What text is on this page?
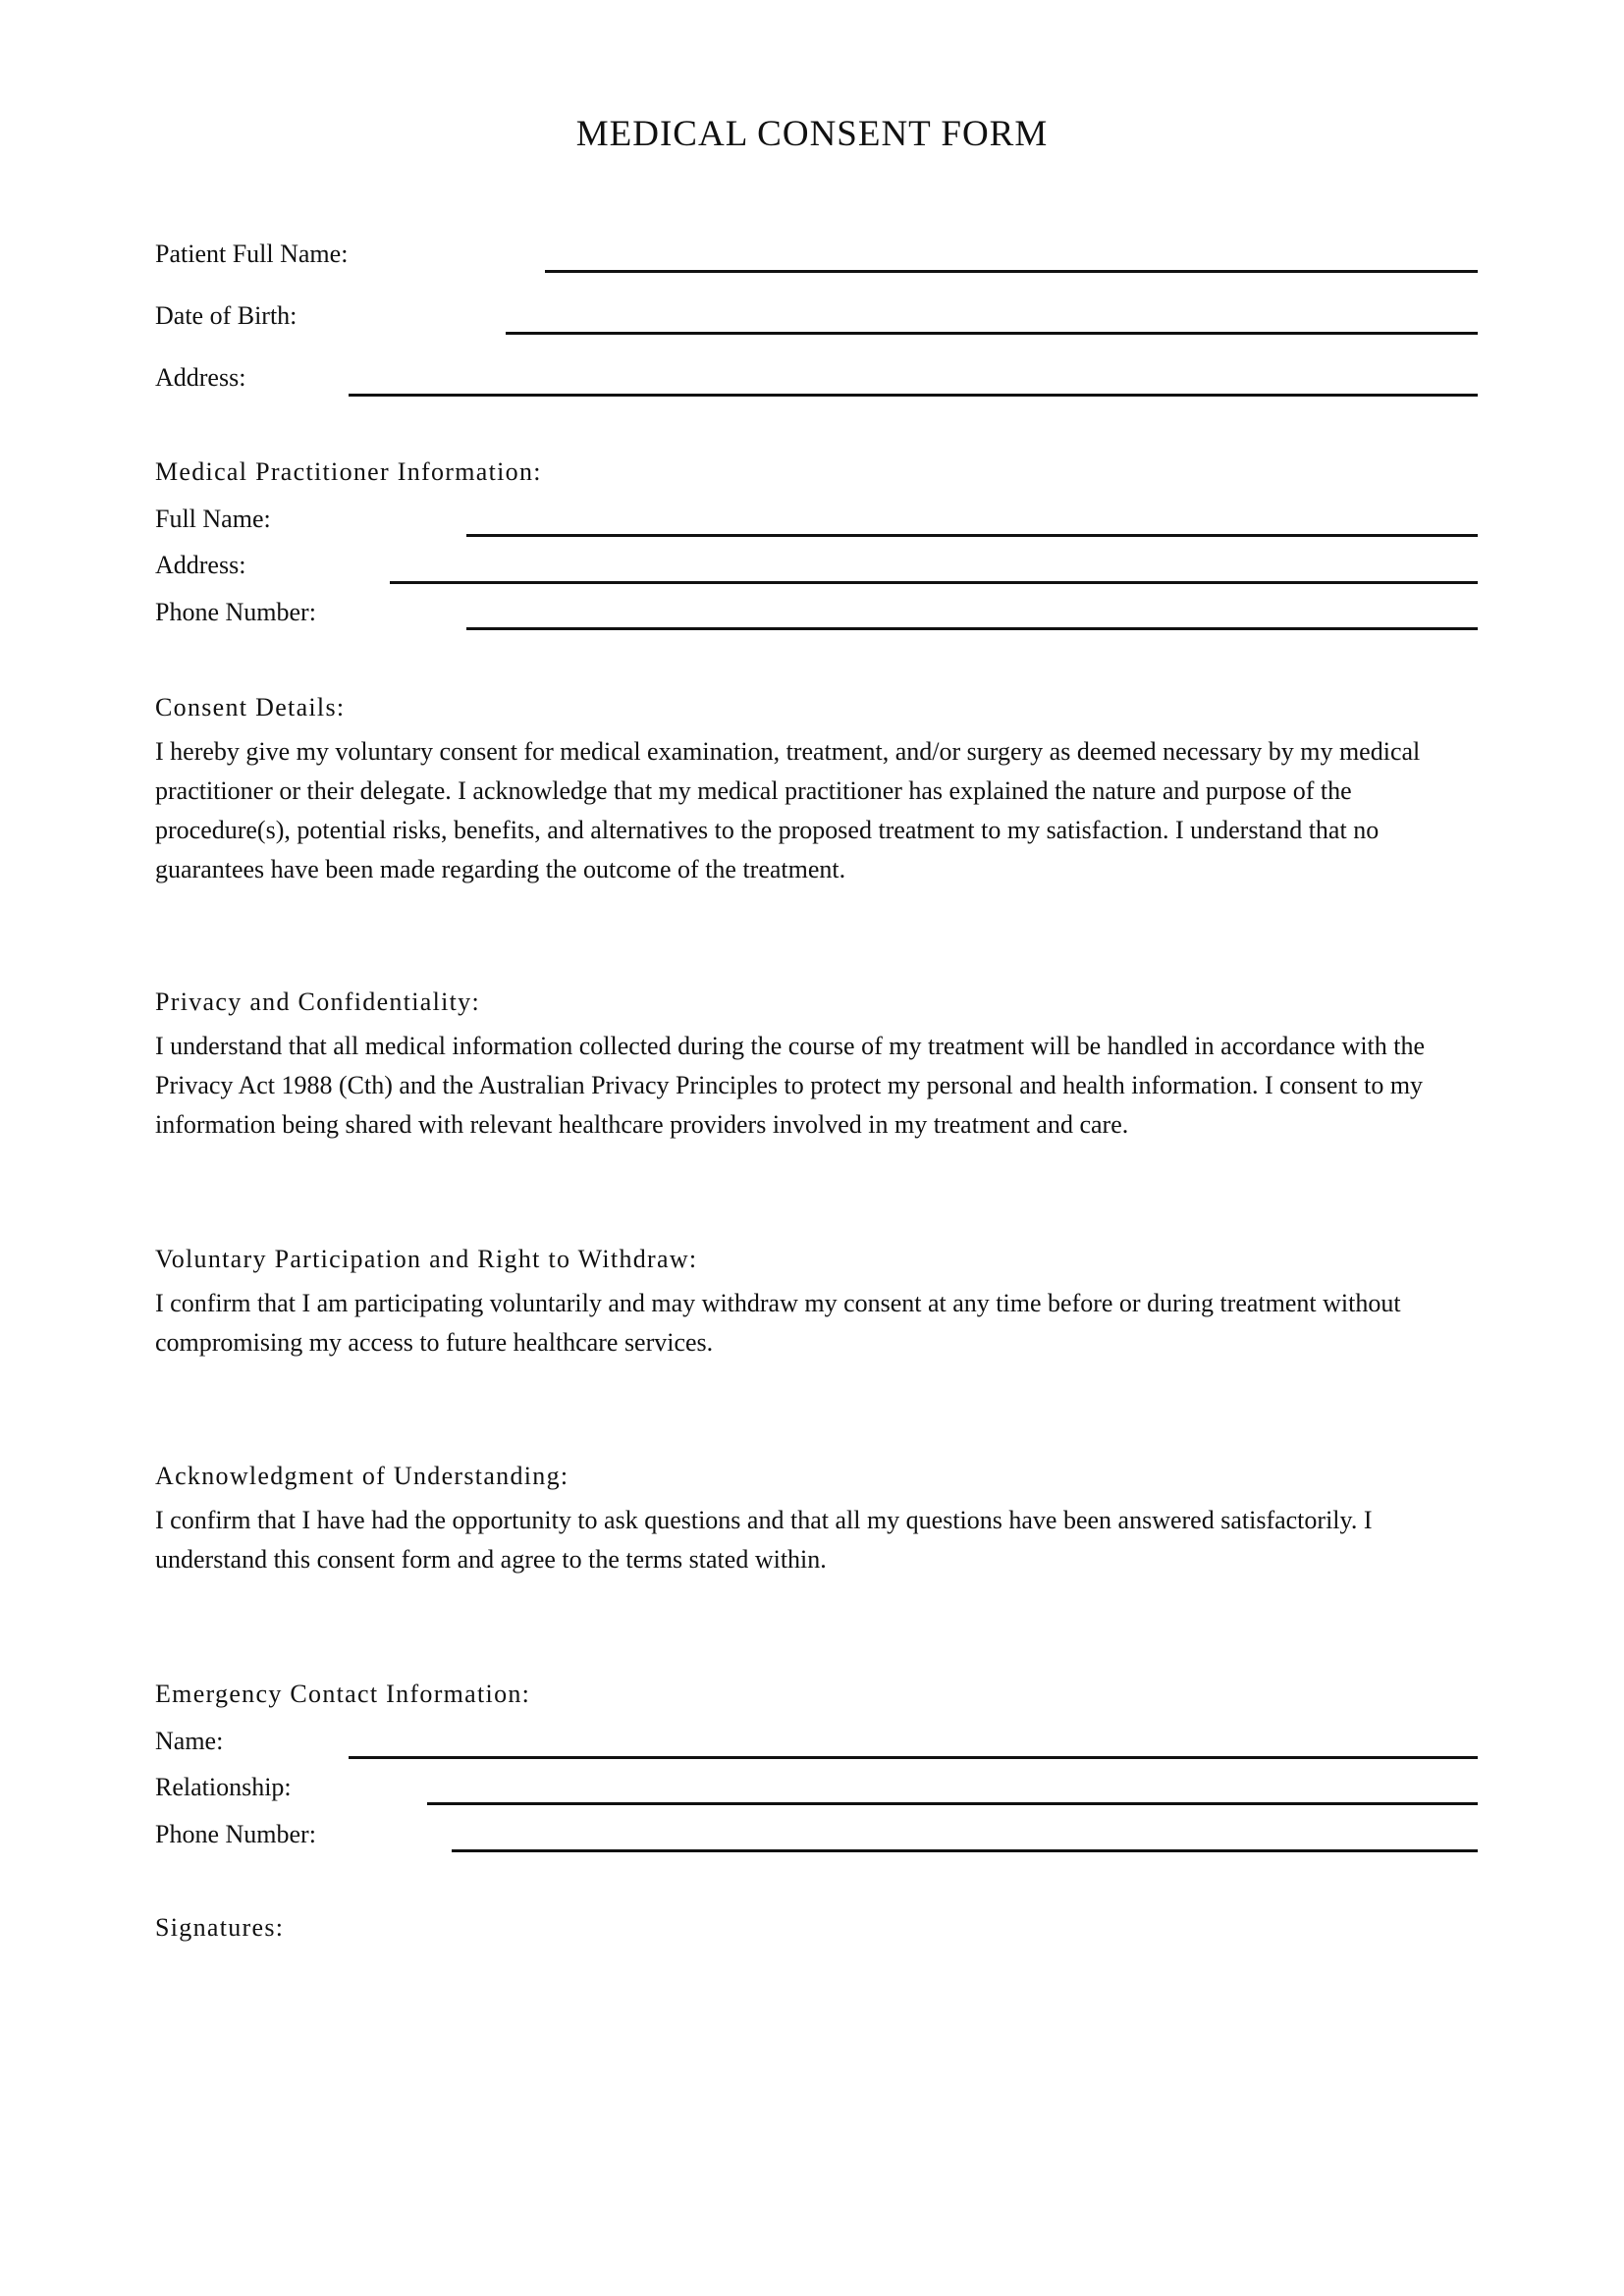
MEDICAL CONSENT FORM
Patient Full Name:
Date of Birth:
Address:
Medical Practitioner Information:
Full Name:
Address:
Phone Number:
Consent Details:

I hereby give my voluntary consent for medical examination, treatment, and/or surgery as deemed necessary by my medical practitioner or their delegate. I acknowledge that my medical practitioner has explained the nature and purpose of the procedure(s), potential risks, benefits, and alternatives to the proposed treatment to my satisfaction. I understand that no guarantees have been made regarding the outcome of the treatment.

Privacy and Confidentiality:

I understand that all medical information collected during the course of my treatment will be handled in accordance with the Privacy Act 1988 (Cth) and the Australian Privacy Principles to protect my personal and health information. I consent to my information being shared with relevant healthcare providers involved in my treatment and care.

Voluntary Participation and Right to Withdraw:

I confirm that I am participating voluntarily and may withdraw my consent at any time before or during treatment without compromising my access to future healthcare services.

Acknowledgment of Understanding:

I confirm that I have had the opportunity to ask questions and that all my questions have been answered satisfactorily. I understand this consent form and agree to the terms stated within.

Emergency Contact Information:
Name:
Relationship:
Phone Number:
Signatures:
